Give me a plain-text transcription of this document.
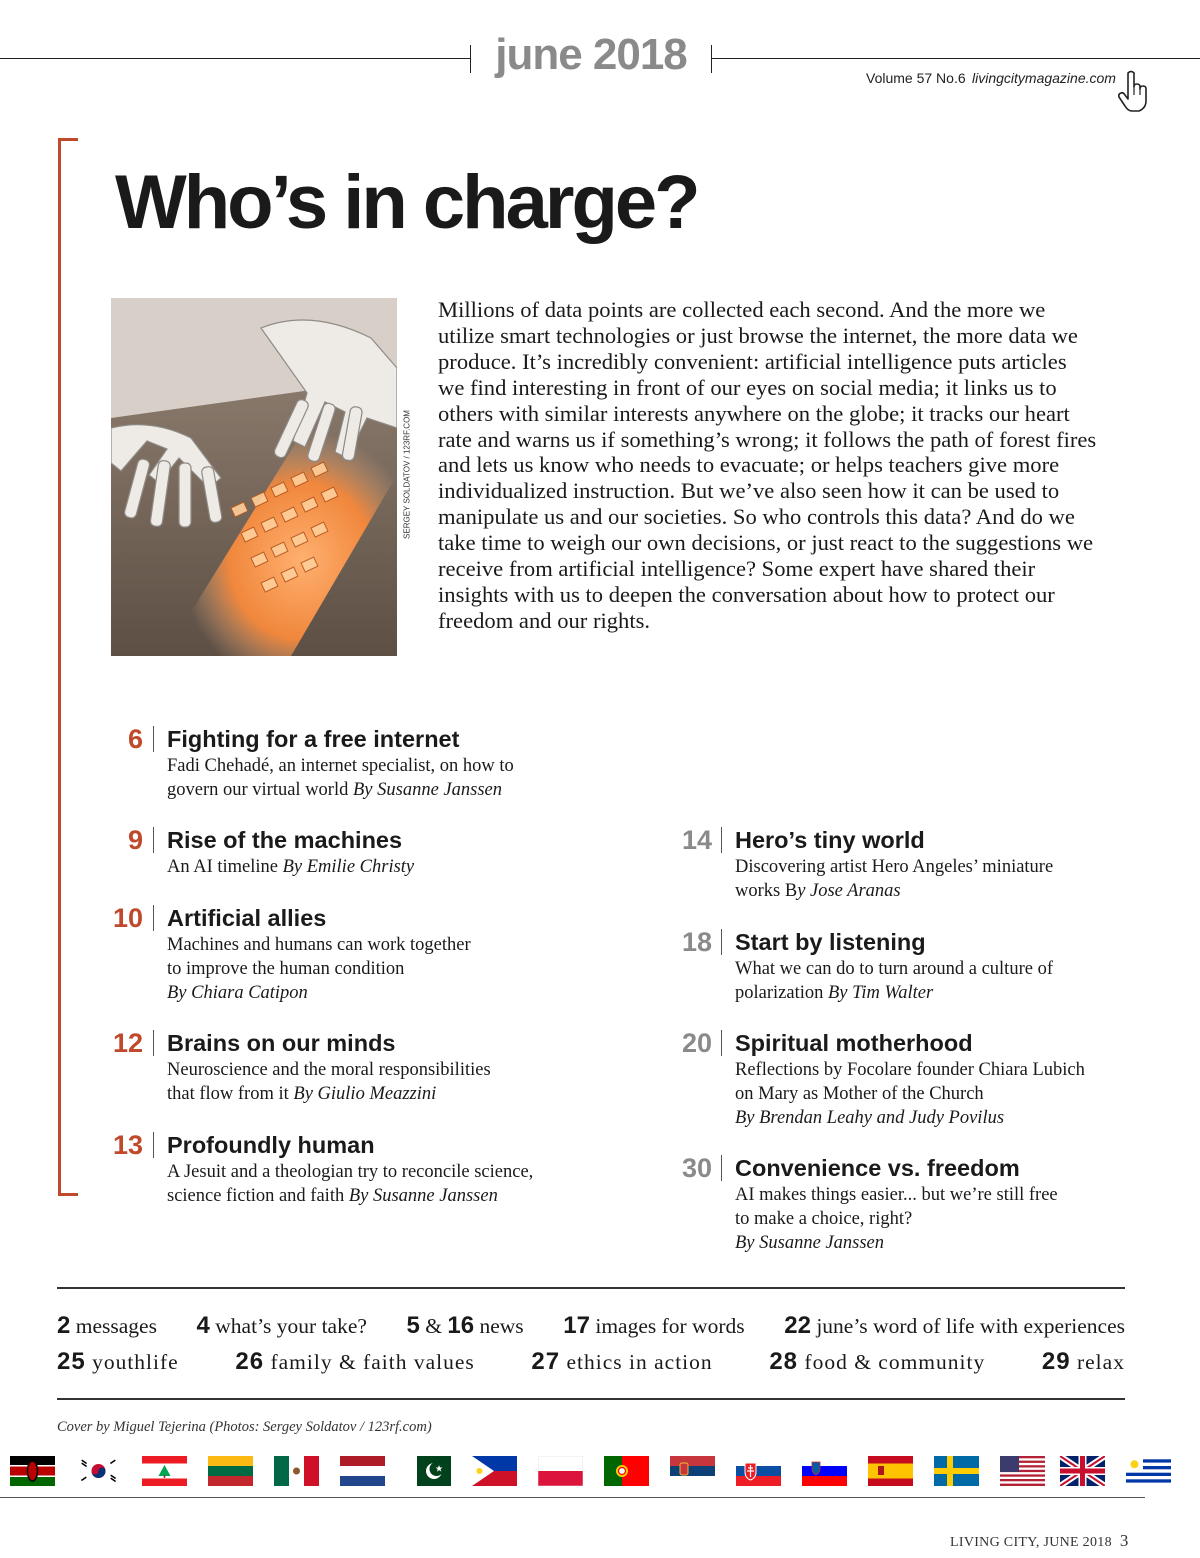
june 2018	Volume 57 No.6 livingcitymagazine.com
Who’s in charge?
SERGEY SOLDATOV / 123RF.COM

Millions of data points are collected each second. And the more we utilize smart technologies or just browse the internet, the more data we produce. It’s incredibly convenient: artificial intelligence puts articles we find interesting in front of our eyes on social media; it links us to others with similar interests anywhere on the globe; it tracks our heart rate and warns us if something’s wrong; it follows the path of forest fires and lets us know who needs to evacuate; or helps teachers give more individualized instruction. But we’ve also seen how it can be used to manipulate us and our societies. So who controls this data? And do we take time to weigh our own decisions, or just react to the suggestions we receive from artificial intelligence? Some expert have shared their insights with us to deepen the conversation about how to protect our freedom and our rights.

6 Fighting for a free internet
Fadi Chehadé, an internet specialist, on how to
govern our virtual world By Susanne Janssen
9 Rise of the machines
An AI timeline By Emilie Christy
10 Artificial allies
Machines and humans can work together
to improve the human condition
By Chiara Catipon
12 Brains on our minds
Neuroscience and the moral responsibilities
that flow from it By Giulio Meazzini
13 Profoundly human
A Jesuit and a theologian try to reconcile science,
science fiction and faith By Susanne Janssen
14 Hero’s tiny world
Discovering artist Hero Angeles’ miniature
works By Jose Aranas
18 Start by listening
What we can do to turn around a culture of
polarization By Tim Walter
20 Spiritual motherhood
Reflections by Focolare founder Chiara Lubich
on Mary as Mother of the Church
By Brendan Leahy and Judy Povilus
30 Convenience vs. freedom
AI makes things easier... but we’re still free
to make a choice, right?
By Susanne Janssen
2 messages 4 what’s your take? 5 & 16 news 17 images for words 22 june’s word of life with experiences
25 youthlife 26 family & faith values 27 ethics in action 28 food & community 29 relax
Cover by Miguel Tejerina (Photos: Sergey Soldatov / 123rf.com)
LIVING CITY, JUNE 2018 3
